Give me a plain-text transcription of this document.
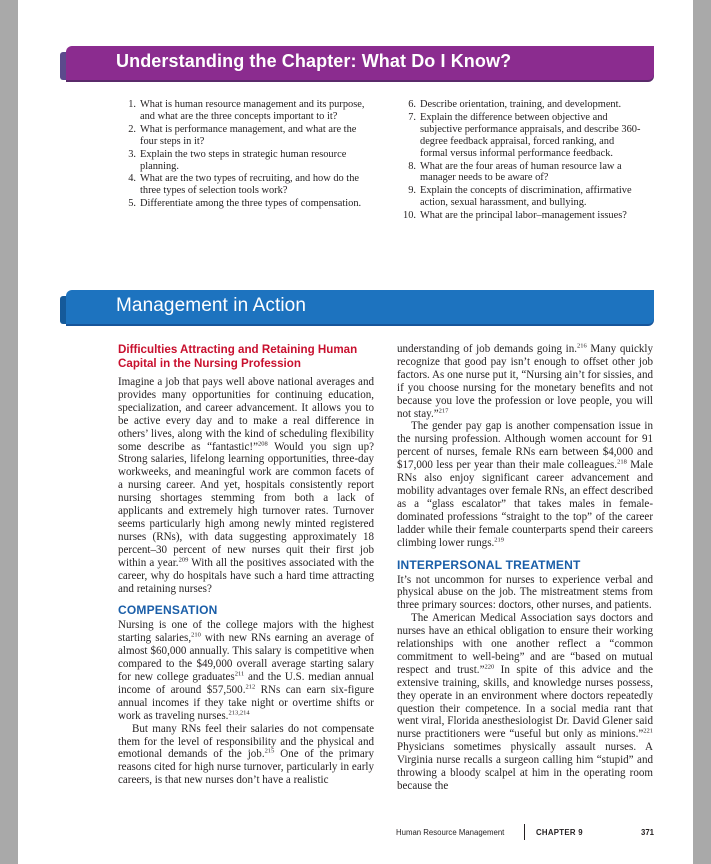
Understanding the Chapter: What Do I Know?
1. What is human resource management and its purpose, and what are the three concepts important to it?
2. What is performance management, and what are the four steps in it?
3. Explain the two steps in strategic human resource planning.
4. What are the two types of recruiting, and how do the three types of selection tools work?
5. Differentiate among the three types of compensation.
6. Describe orientation, training, and development.
7. Explain the difference between objective and subjective performance appraisals, and describe 360-degree feedback appraisal, forced ranking, and formal versus informal performance feedback.
8. What are the four areas of human resource law a manager needs to be aware of?
9. Explain the concepts of discrimination, affirmative action, sexual harassment, and bullying.
10. What are the principal labor–management issues?
Management in Action
Difficulties Attracting and Retaining Human Capital in the Nursing Profession

Imagine a job that pays well above national averages and provides many opportunities for continuing education, specialization, and career advancement. It allows you to be active every day and to make a real difference in others’ lives, along with the kind of scheduling flexibility some describe as “fantastic!”$^{208}$ Would you sign up? Strong salaries, lifelong learning opportunities, three-day workweeks, and meaningful work are common facets of a nursing career. And yet, hospitals consistently report nursing shortages stemming from both a lack of applicants and extremely high turnover rates. Turnover seems particularly high among newly minted registered nurses (RNs), with data suggesting approximately 18 percent–30 percent of new nurses quit their first job within a year.$^{209}$ With all the positives associated with the career, why do hospitals have such a hard time attracting and retaining nurses?

COMPENSATION

Nursing is one of the college majors with the highest starting salaries,$^{210}$ with new RNs earning an average of almost $60,000 annually. This salary is competitive when compared to the $49,000 overall average starting salary for new college graduates$^{211}$ and the U.S. median annual income of around $57,500.$^{212}$ RNs can earn six-figure annual incomes if they take night or overtime shifts or work as traveling nurses.$^{213,214}$

But many RNs feel their salaries do not compensate them for the level of responsibility and the physical and emotional demands of the job.$^{215}$ One of the primary reasons cited for high nurse turnover, particularly in early careers, is that new nurses don’t have a realistic

understanding of job demands going in.$^{216}$ Many quickly recognize that good pay isn’t enough to offset other job factors. As one nurse put it, “Nursing ain’t for sissies, and if you choose nursing for the monetary benefits and not because you love the profession or love people, you will not stay.”$^{217}$

The gender pay gap is another compensation issue in the nursing profession. Although women account for 91 percent of nurses, female RNs earn between $4,000 and $17,000 less per year than their male colleagues.$^{218}$ Male RNs also enjoy significant career advancement and mobility advantages over female RNs, an effect described as a “glass escalator” that takes males in female-dominated professions “straight to the top” of the career ladder while their female counterparts spend their careers climbing lower rungs.$^{219}$

INTERPERSONAL TREATMENT

It’s not uncommon for nurses to experience verbal and physical abuse on the job. The mistreatment stems from three primary sources: doctors, other nurses, and patients.

The American Medical Association says doctors and nurses have an ethical obligation to ensure their working relationships with one another reflect a “common commitment to well-being” and are “based on mutual respect and trust.”$^{220}$ In spite of this advice and the extensive training, skills, and knowledge nurses possess, they operate in an environment where doctors repeatedly question their competence. In a social media rant that went viral, Florida anesthesiologist Dr. David Glener said nurse practitioners were “useful but only as minions.”$^{221}$ Physicians sometimes physically assault nurses. A Virginia nurse recalls a surgeon calling him “stupid” and throwing a bloody scalpel at him in the operating room because the

Human Resource Management	CHAPTER 9	371
